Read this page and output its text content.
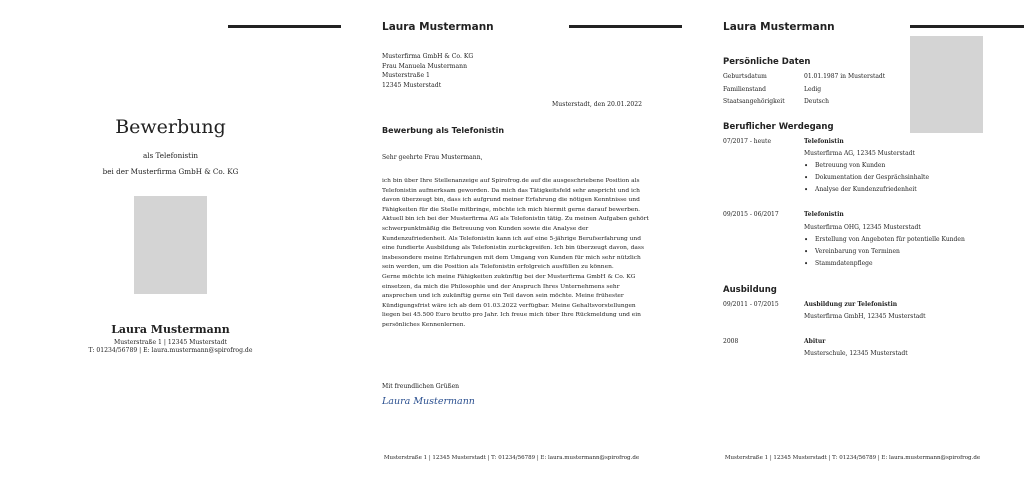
Bewerbung
als Telefonistin
bei der Musterfirma GmbH & Co. KG
Laura Mustermann
Musterstraße 1 | 12345 Musterstadt
T: 01234/56789 | E: laura.mustermann@spirofrog.de
Laura Mustermann
Musterfirma GmbH & Co. KG
Frau Manuela Mustermann
Musterstraße 1
12345 Musterstadt
Musterstadt, den 20.01.2022
Bewerbung als Telefonistin
Sehr geehrte Frau Mustermann,
ich bin über Ihre Stellenanzeige auf Spirofrog.de auf die ausgeschriebene Position als
Telefonistin aufmerksam geworden. Da mich das Tätigkeitsfeld sehr anspricht und ich
davon überzeugt bin, dass ich aufgrund meiner Erfahrung die nötigen Kenntnisse und
Fähigkeiten für die Stelle mitbringe, möchte ich mich hiermit gerne darauf bewerben.
Aktuell bin ich bei der Musterfirma AG als Telefonistin tätig. Zu meinen Aufgaben gehört
schwerpunktmäßig die Betreuung von Kunden sowie die Analyse der
Kundenzufriedenheit. Als Telefonistin kann ich auf eine 5-jährige Berufserfahrung und
eine fundierte Ausbildung als Telefonistin zurückgreifen. Ich bin überzeugt davon, dass
insbesondere meine Erfahrungen mit dem Umgang von Kunden für mich sehr nützlich
sein werden, um die Position als Telefonistin erfolgreich ausfüllen zu können.
Gerne möchte ich meine Fähigkeiten zukünftig bei der Musterfirma GmbH & Co. KG
einsetzen, da mich die Philosophie und der Anspruch Ihres Unternehmens sehr
ansprechen und ich zukünftig gerne ein Teil davon sein möchte. Meine frühester
Kündigungsfrist wäre ich ab dem 01.03.2022 verfügbar. Meine Gehaltsvorstellungen
liegen bei 45.500 Euro brutto pro Jahr. Ich freue mich über Ihre Rückmeldung und ein
persönliches Kennenlernen.
Mit freundlichen Grüßen
Laura Mustermann
Musterstraße 1 | 12345 Musterstadt | T: 01234/56789 | E: laura.mustermann@spirofrog.de
Laura Mustermann
Persönliche Daten
Geburtsdatum	01.01.1987 in Musterstadt
Familienstand	Ledig
Staatsangehörigkeit	Deutsch
Beruflicher Werdegang
07/2017 - heute	Telefonistin
Musterfirma AG, 12345 Musterstadt
• Betreuung von Kunden
• Dokumentation der Gesprächsinhalte
• Analyse der Kundenzufriedenheit
09/2015 - 06/2017	Telefonistin
Musterfirma OHG, 12345 Musterstadt
• Erstellung von Angeboten für potentielle Kunden
• Vereinbarung von Terminen
• Stammdatenpflege
Ausbildung
09/2011 - 07/2015	Ausbildung zur Telefonistin
Musterfirma GmbH, 12345 Musterstadt
2008	Abitur
Musterschule, 12345 Musterstadt
Musterstraße 1 | 12345 Musterstadt | T: 01234/56789 | E: laura.mustermann@spirofrog.de
